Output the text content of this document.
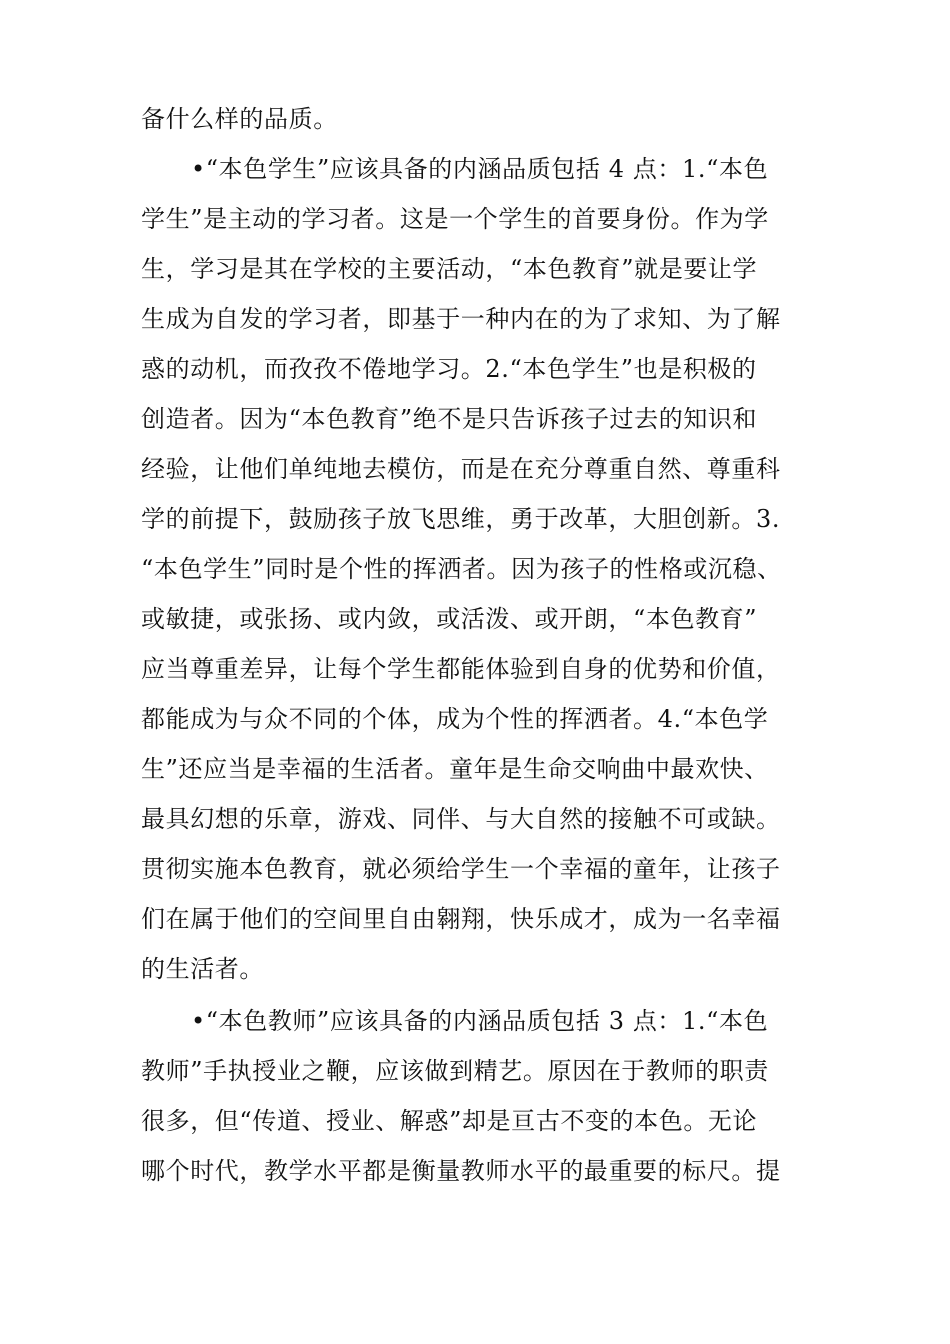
备什么样的品质。
•“本色学生”应该具备的内涵品质包括 4 点：1.“本色
学生”是主动的学习者。这是一个学生的首要身份。作为学
生，学习是其在学校的主要活动，“本色教育”就是要让学
生成为自发的学习者，即基于一种内在的为了求知、为了解
惑的动机，而孜孜不倦地学习。2.“本色学生”也是积极的
创造者。因为“本色教育”绝不是只告诉孩子过去的知识和
经验，让他们单纯地去模仿，而是在充分尊重自然、尊重科
学的前提下，鼓励孩子放飞思维，勇于改革，大胆创新。3.
“本色学生”同时是个性的挥洒者。因为孩子的性格或沉稳、
或敏捷，或张扬、或内敛，或活泼、或开朗，“本色教育”
应当尊重差异，让每个学生都能体验到自身的优势和价值，
都能成为与众不同的个体，成为个性的挥洒者。4.“本色学
生”还应当是幸福的生活者。童年是生命交响曲中最欢快、
最具幻想的乐章，游戏、同伴、与大自然的接触不可或缺。
贯彻实施本色教育，就必须给学生一个幸福的童年，让孩子
们在属于他们的空间里自由翱翔，快乐成才，成为一名幸福
的生活者。
•“本色教师”应该具备的内涵品质包括 3 点：1.“本色
教师”手执授业之鞭，应该做到精艺。原因在于教师的职责
很多，但“传道、授业、解惑”却是亘古不变的本色。无论
哪个时代，教学水平都是衡量教师水平的最重要的标尺。提
